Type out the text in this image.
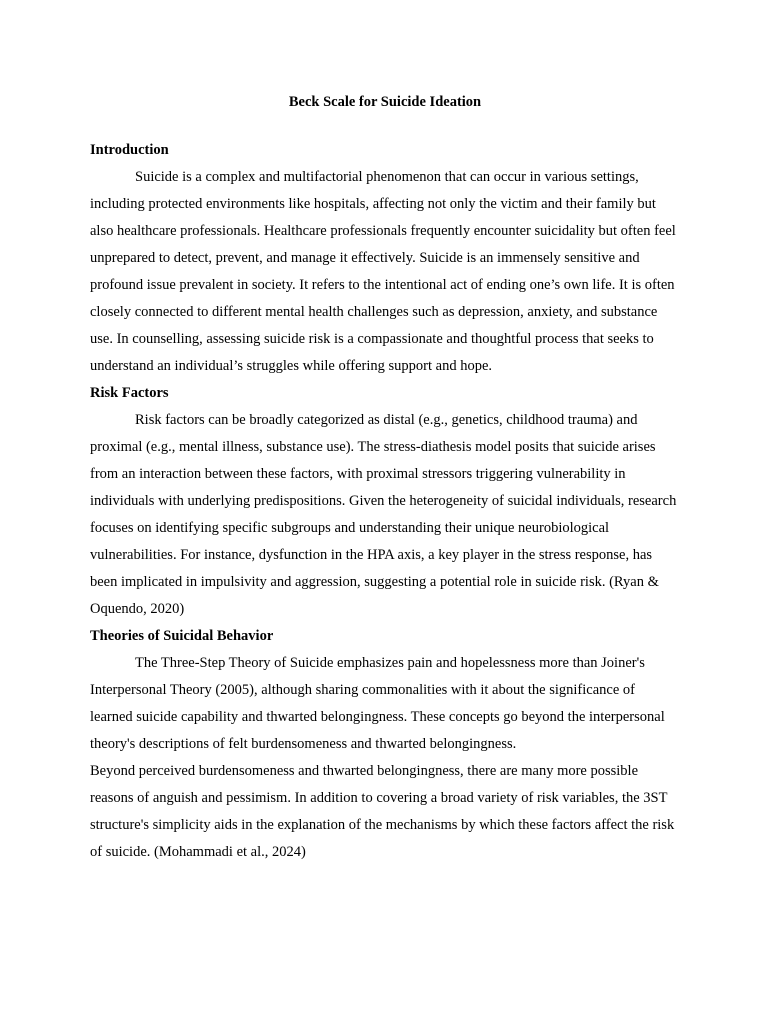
Beck Scale for Suicide Ideation
Introduction

Suicide is a complex and multifactorial phenomenon that can occur in various settings, including protected environments like hospitals, affecting not only the victim and their family but also healthcare professionals. Healthcare professionals frequently encounter suicidality but often feel unprepared to detect, prevent, and manage it effectively. Suicide is an immensely sensitive and profound issue prevalent in society. It refers to the intentional act of ending one’s own life. It is often closely connected to different mental health challenges such as depression, anxiety, and substance use. In counselling, assessing suicide risk is a compassionate and thoughtful process that seeks to understand an individual’s struggles while offering support and hope.

Risk Factors

Risk factors can be broadly categorized as distal (e.g., genetics, childhood trauma) and proximal (e.g., mental illness, substance use). The stress-diathesis model posits that suicide arises from an interaction between these factors, with proximal stressors triggering vulnerability in individuals with underlying predispositions. Given the heterogeneity of suicidal individuals, research focuses on identifying specific subgroups and understanding their unique neurobiological vulnerabilities. For instance, dysfunction in the HPA axis, a key player in the stress response, has been implicated in impulsivity and aggression, suggesting a potential role in suicide risk. (Ryan & Oquendo, 2020)

Theories of Suicidal Behavior

The Three-Step Theory of Suicide emphasizes pain and hopelessness more than Joiner's Interpersonal Theory (2005), although sharing commonalities with it about the significance of learned suicide capability and thwarted belongingness. These concepts go beyond the interpersonal theory's descriptions of felt burdensomeness and thwarted belongingness.

Beyond perceived burdensomeness and thwarted belongingness, there are many more possible reasons of anguish and pessimism. In addition to covering a broad variety of risk variables, the 3ST structure's simplicity aids in the explanation of the mechanisms by which these factors affect the risk of suicide. (Mohammadi et al., 2024)
